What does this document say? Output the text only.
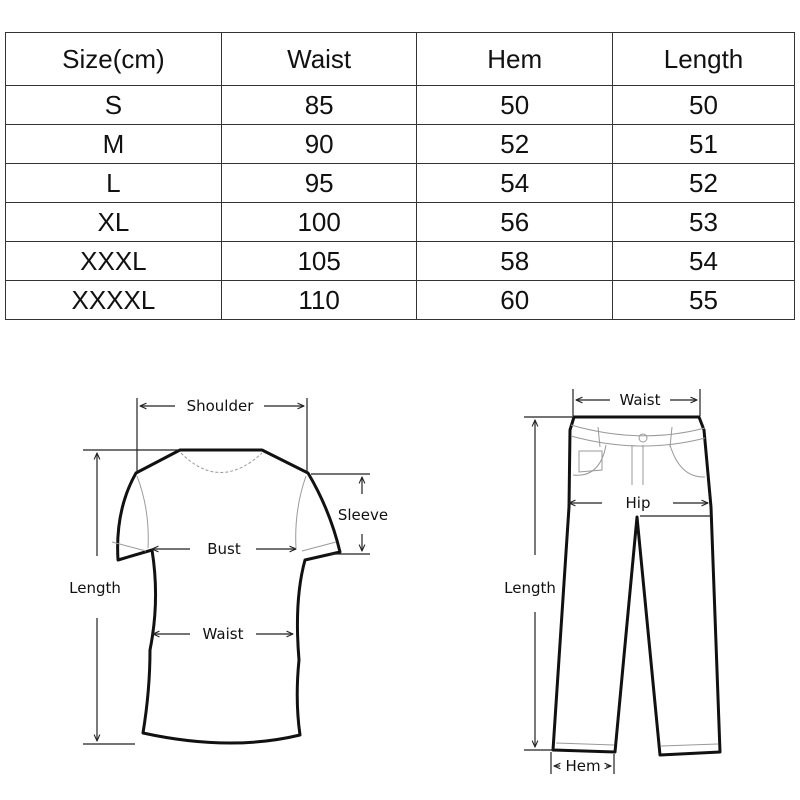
Size(cm)	Waist	Hem	Length
S	85	50	50
M	90	52	51
L	95	54	52
XL	100	56	53
XXXL	105	58	54
XXXXL	110	60	55
Shoulder
Sleeve
Bust
Waist
Length
Waist
Hip
Length
Hem
